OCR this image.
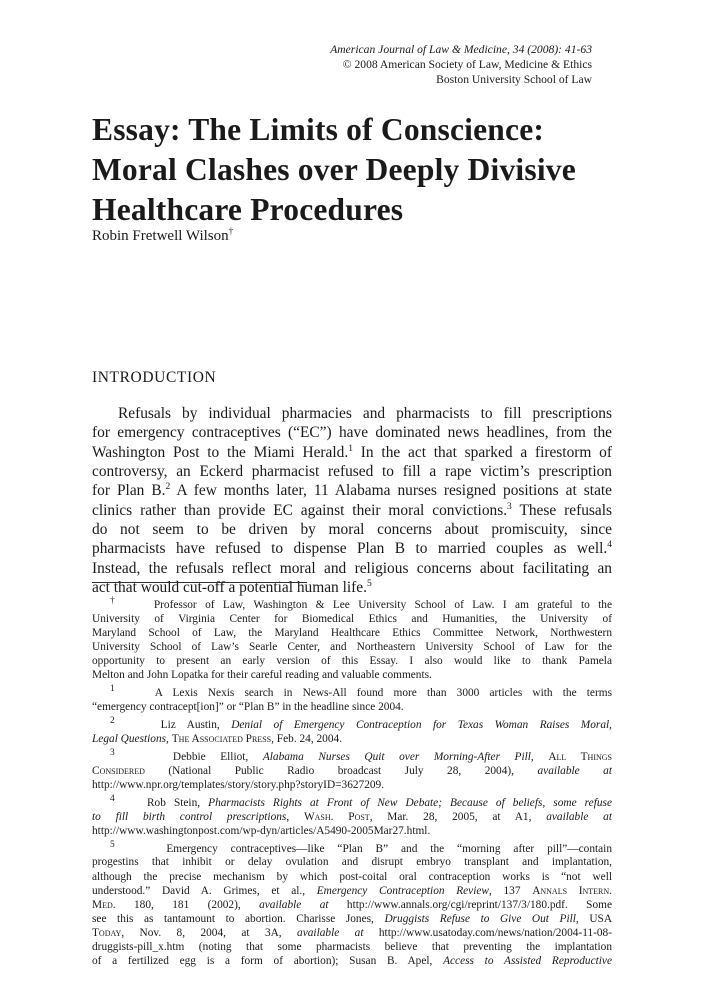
American Journal of Law & Medicine, 34 (2008): 41-63
© 2008 American Society of Law, Medicine & Ethics
Boston University School of Law
Essay: The Limits of Conscience:
Moral Clashes over Deeply Divisive
Healthcare Procedures
Robin Fretwell Wilson†
INTRODUCTION
Refusals by individual pharmacies and pharmacists to fill prescriptions
for emergency contraceptives (“EC”) have dominated news headlines, from the
Washington Post to the Miami Herald.$^1$ In the act that sparked a firestorm of
controversy, an Eckerd pharmacist refused to fill a rape victim’s prescription
for Plan B.$^2$ A few months later, 11 Alabama nurses resigned positions at state
clinics rather than provide EC against their moral convictions.$^3$ These refusals
do not seem to be driven by moral concerns about promiscuity, since
pharmacists have refused to dispense Plan B to married couples as well.$^4$
Instead, the refusals reflect moral and religious concerns about facilitating an
act that would cut-off a potential human life.$^5$
†	Professor of Law, Washington & Lee University School of Law. I am grateful to the
University of Virginia Center for Biomedical Ethics and Humanities, the University of
Maryland School of Law, the Maryland Healthcare Ethics Committee Network, Northwestern
University School of Law’s Searle Center, and Northeastern University School of Law for the
opportunity to present an early version of this Essay. I also would like to thank Pamela
Melton and John Lopatka for their careful reading and valuable comments.
$^1$	A Lexis Nexis search in News-All found more than 3000 articles with the terms
“emergency contracept[ion]” or “Plan B” in the headline since 2004.
$^2$	Liz Austin, Denial of Emergency Contraception for Texas Woman Raises Moral,
Legal Questions, The Associated Press, Feb. 24, 2004.
$^3$	Debbie Elliot, Alabama Nurses Quit over Morning-After Pill, All Things
Considered (National Public Radio broadcast July 28, 2004), available at
http://www.npr.org/templates/story/story.php?storyID=3627209.
$^4$	Rob Stein, Pharmacists Rights at Front of New Debate; Because of beliefs, some refuse
to fill birth control prescriptions, Wash. Post, Mar. 28, 2005, at A1, available at
http://www.washingtonpost.com/wp-dyn/articles/A5490-2005Mar27.html.
$^5$	Emergency contraceptives—like “Plan B” and the “morning after pill”—contain
progestins that inhibit or delay ovulation and disrupt embryo transplant and implantation,
although the precise mechanism by which post-coital oral contraception works is “not well
understood.” David A. Grimes, et al., Emergency Contraception Review, 137 Annals Intern.
Med. 180, 181 (2002), available at http://www.annals.org/cgi/reprint/137/3/180.pdf. Some
see this as tantamount to abortion. Charisse Jones, Druggists Refuse to Give Out Pill, USA
Today, Nov. 8, 2004, at 3A, available at http://www.usatoday.com/news/nation/2004-11-08-
druggists-pill_x.htm (noting that some pharmacists believe that preventing the implantation
of a fertilized egg is a form of abortion); Susan B. Apel, Access to Assisted Reproductive
